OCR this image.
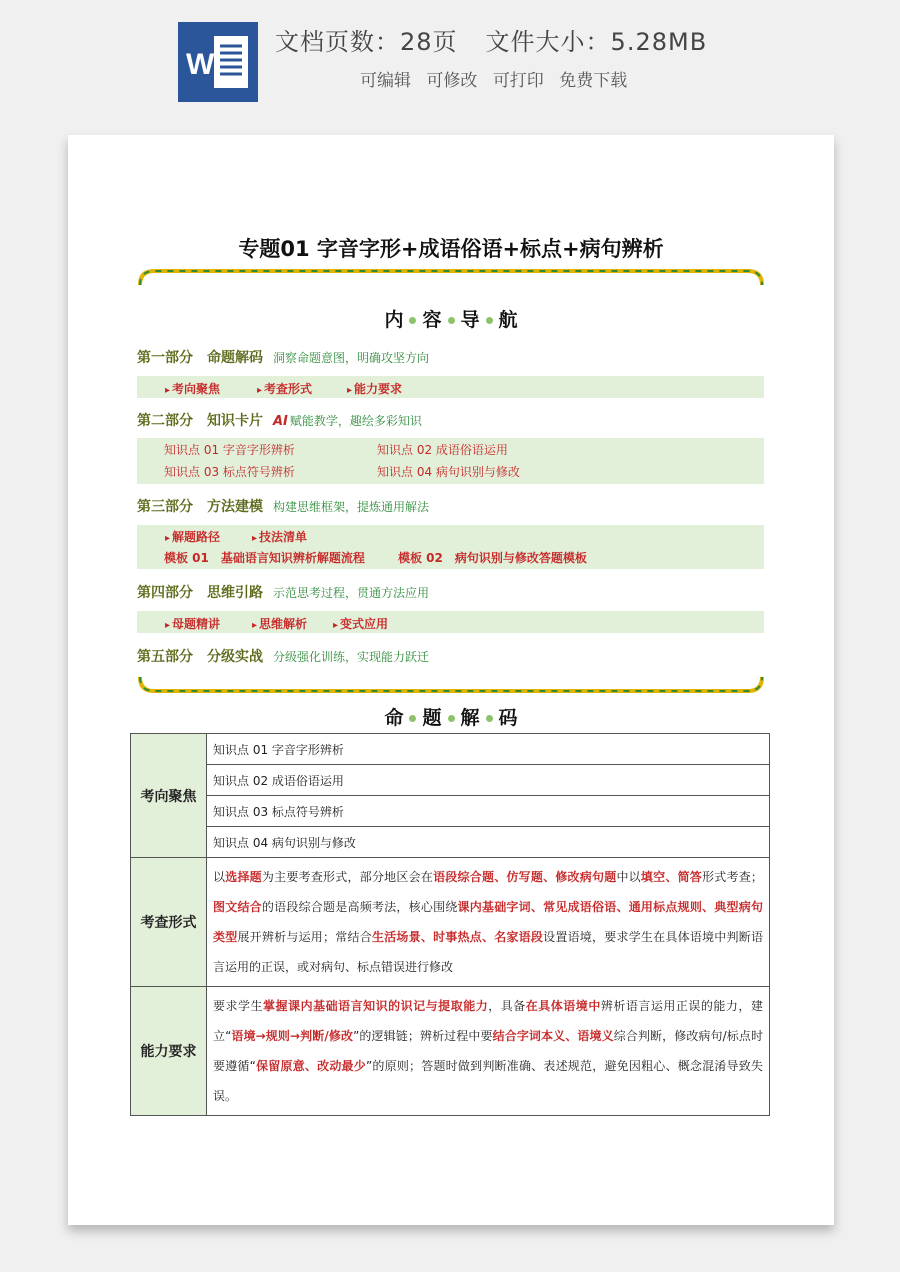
W
文档页数：28页 文件大小：5.28MB
可编辑 可修改 可打印 免费下载
专题01 字音字形+成语俗语+标点+病句辨析
内 容 导 航
第一部分　命题解码 洞察命题意图，明确攻坚方向
▸ 考向聚焦	▸ 考查形式	▸ 能力要求
第二部分　知识卡片 AI 赋能教学，趣绘多彩知识
知识点 01 字音字形辨析	知识点 02 成语俗语运用
知识点 03 标点符号辨析	知识点 04 病句识别与修改
第三部分　方法建模 构建思维框架，提炼通用解法
▸ 解题路径	▸ 技法清单
模板 01　基础语言知识辨析解题流程	模板 02　病句识别与修改答题模板
第四部分　思维引路 示范思考过程，贯通方法应用
▸ 母题精讲	▸ 思维解析	▸ 变式应用
第五部分　分级实战 分级强化训练，实现能力跃迁
命 题 解 码
考向聚焦	知识点 01 字音字形辨析
	知识点 02 成语俗语运用
	知识点 03 标点符号辨析
	知识点 04 病句识别与修改
考查形式	以选择题为主要考查形式，部分地区会在语段综合题、仿写题、修改病句题中以填空、简答形式考查；图文结合的语段综合题是高频考法，核心围绕课内基础字词、常见成语俗语、通用标点规则、典型病句类型展开辨析与运用；常结合生活场景、时事热点、名家语段设置语境，要求学生在具体语境中判断语言运用的正误，或对病句、标点错误进行修改
能力要求	要求学生掌握课内基础语言知识的识记与提取能力，具备在具体语境中辨析语言运用正误的能力，建立“语境→规则→判断/修改”的逻辑链；辨析过程中要结合字词本义、语境义综合判断，修改病句/标点时要遵循“保留原意、改动最少”的原则；答题时做到判断准确、表述规范，避免因粗心、概念混淆导致失误。
